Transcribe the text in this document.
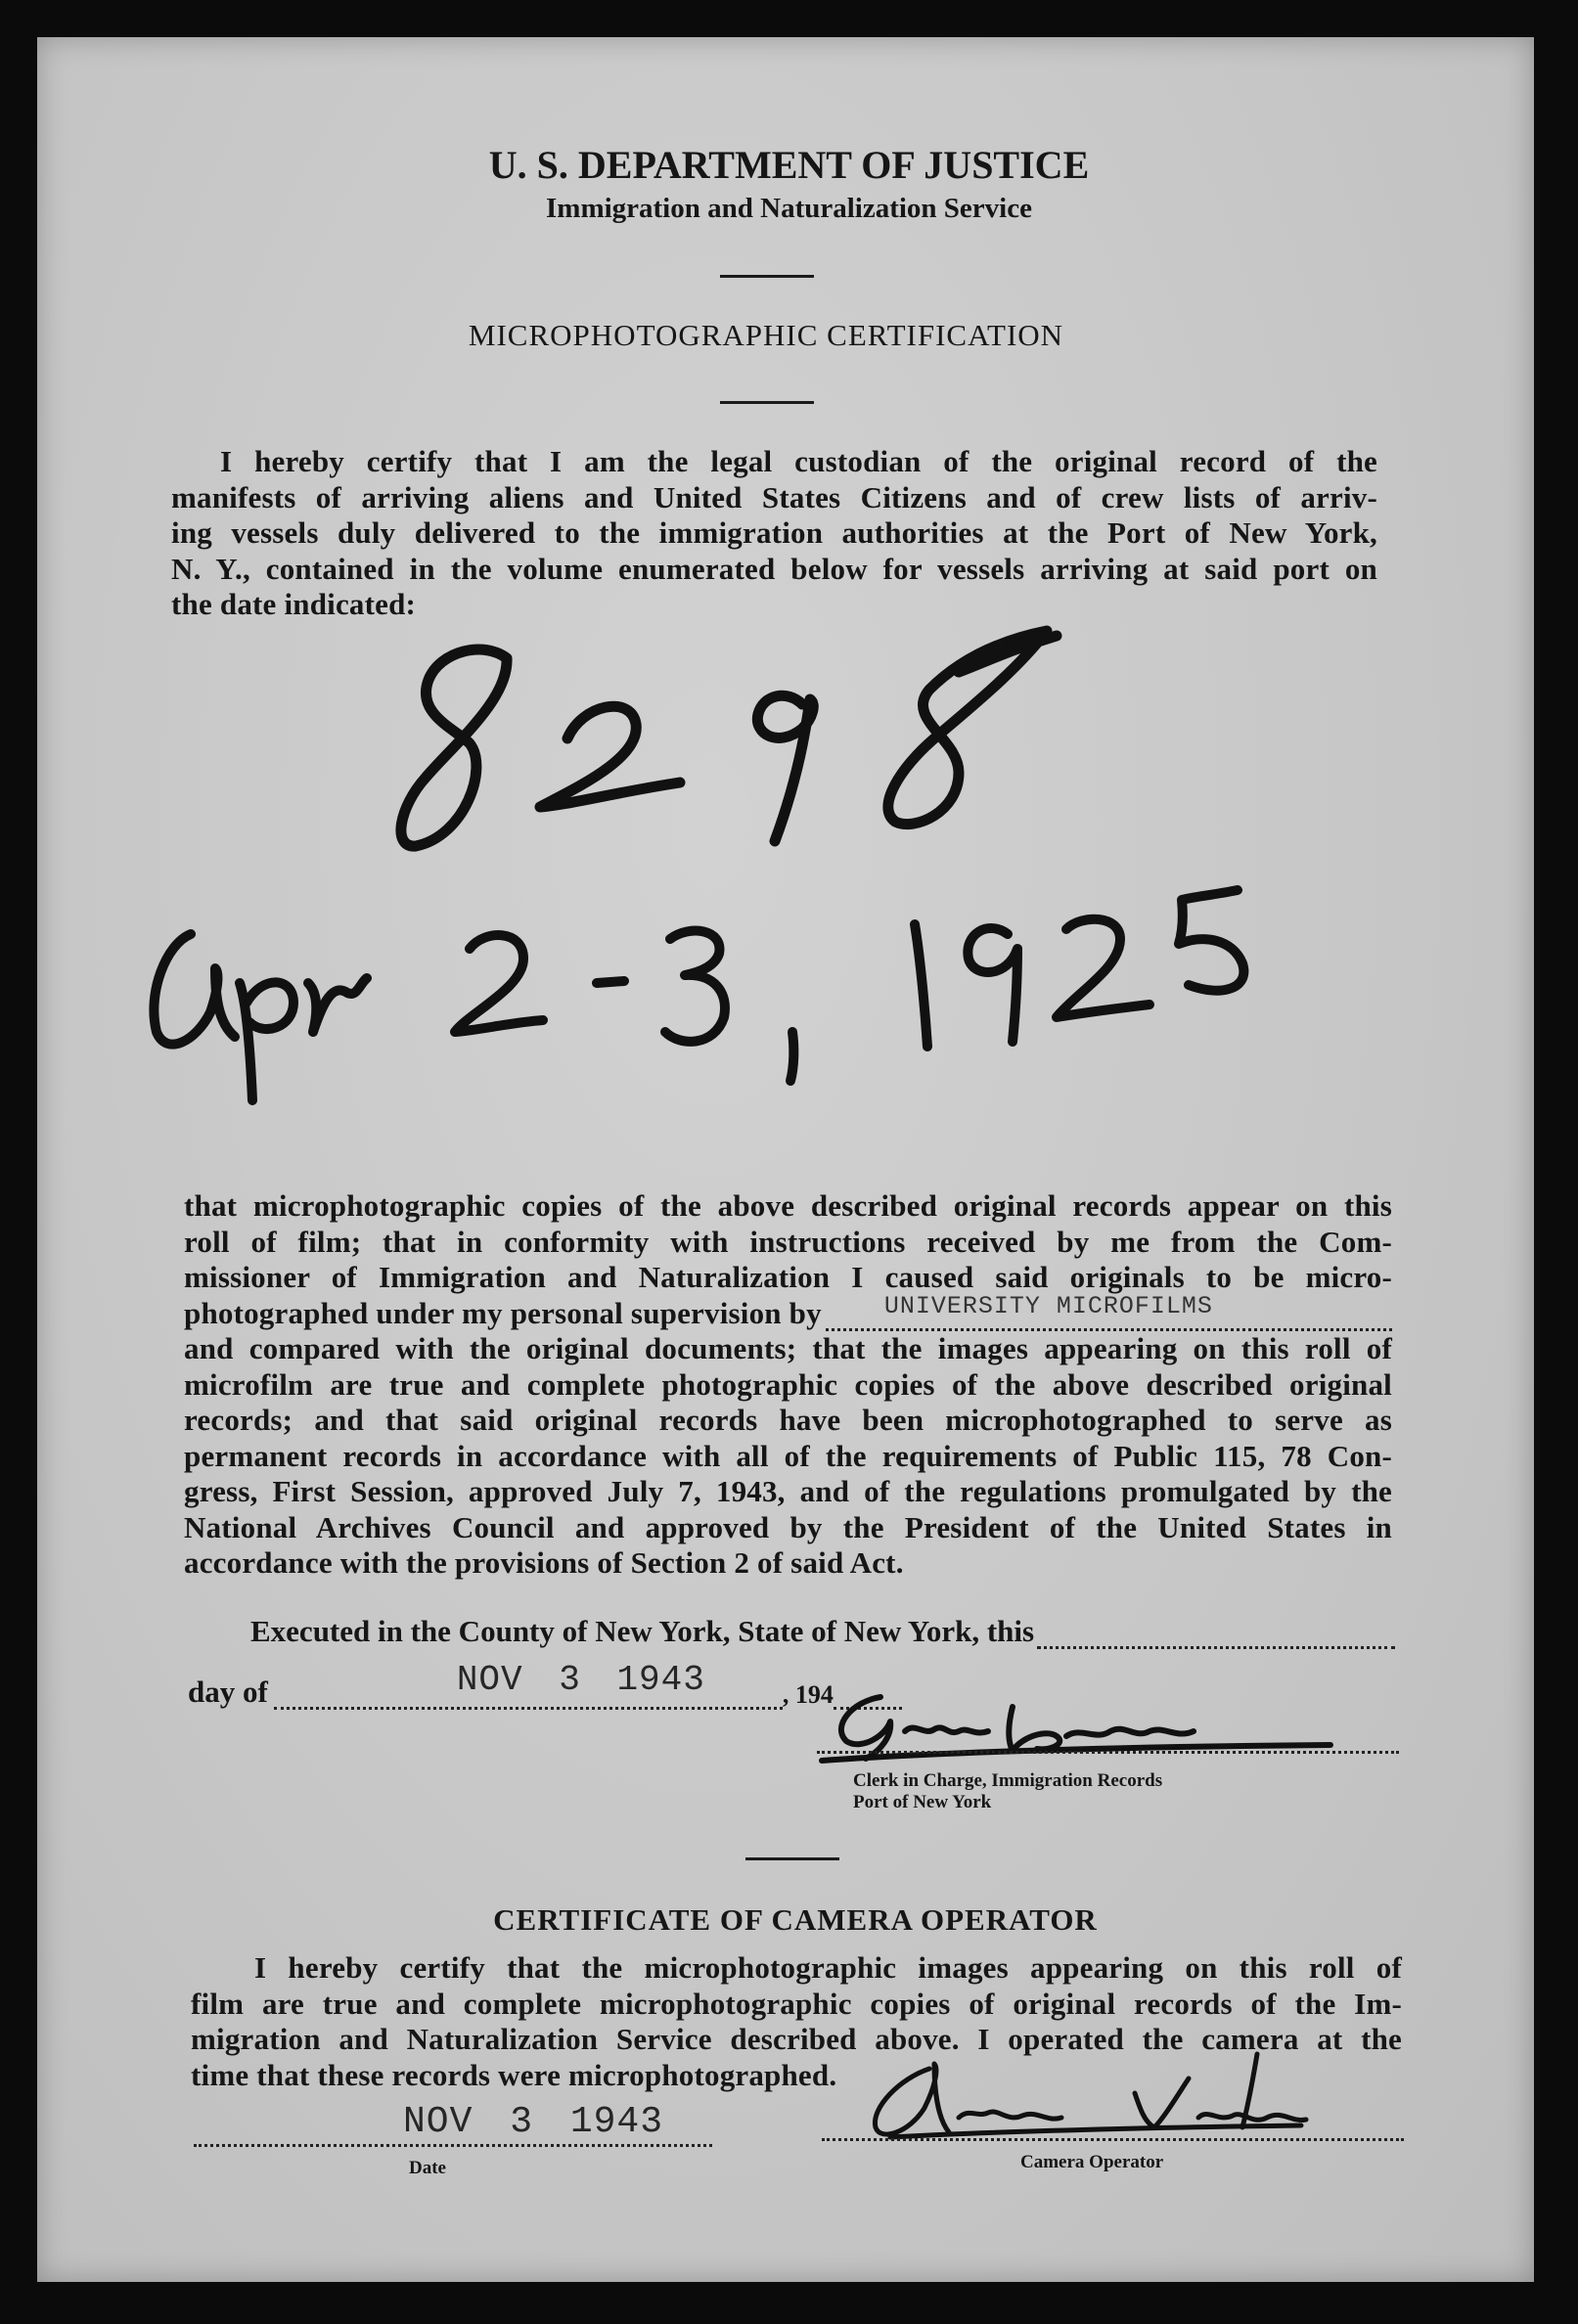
U. S. DEPARTMENT OF JUSTICE
Immigration and Naturalization Service
MICROPHOTOGRAPHIC CERTIFICATION
I hereby certify that I am the legal custodian of the original record of the
manifests of arriving aliens and United States Citizens and of crew lists of arriv-
ing vessels duly delivered to the immigration authorities at the Port of New York,
N. Y., contained in the volume enumerated below for vessels arriving at said port on
the date indicated:
that microphotographic copies of the above described original records appear on this
roll of film; that in conformity with instructions received by me from the Com-
missioner of Immigration and Naturalization I caused said originals to be micro-
photographed under my personal supervision by	UNIVERSITY MICROFILMS
and compared with the original documents; that the images appearing on this roll of
microfilm are true and complete photographic copies of the above described original
records; and that said original records have been microphotographed to serve as
permanent records in accordance with all of the requirements of Public 115, 78 Con-
gress, First Session, approved July 7, 1943, and of the regulations promulgated by the
National Archives Council and approved by the President of the United States in
accordance with the provisions of Section 2 of said Act.
Executed in the County of New York, State of New York, this
day of	NOV 3 1943	, 194
Clerk in Charge, Immigration Records
Port of New York
CERTIFICATE OF CAMERA OPERATOR
I hereby certify that the microphotographic images appearing on this roll of
film are true and complete microphotographic copies of original records of the Im-
migration and Naturalization Service described above. I operated the camera at the
time that these records were microphotographed.
NOV 3 1943
Date	Camera Operator
